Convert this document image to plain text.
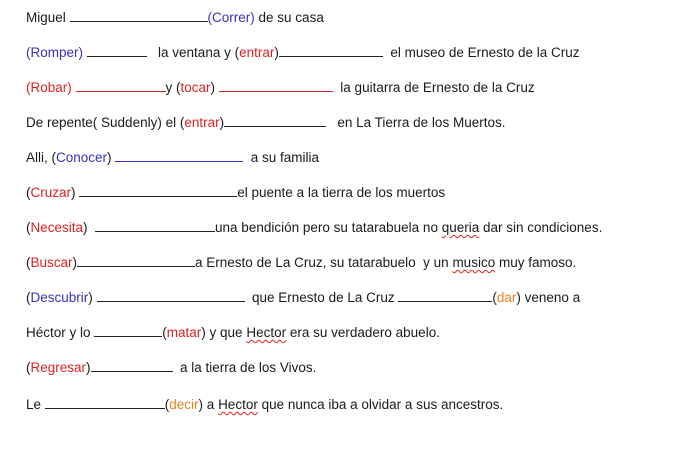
Miguel	(Correr) de su casa
(Romper)	la ventana y (entrar)	el museo de Ernesto de la Cruz
(Robar)	y (tocar)	la guitarra de Ernesto de la Cruz
De repente( Suddenly) el (entrar)	en La Tierra de los Muertos.
Alli, (Conocer)	a su familia
(Cruzar)	el puente a la tierra de los muertos
(Necesita)	una bendición pero su tatarabuela no queria dar sin condiciones.
(Buscar)	a Ernesto de La Cruz, su tatarabuelo  y un musico muy famoso.
(Descubrir)	que Ernesto de La Cruz	(dar) veneno a
Héctor y lo	(matar) y que Hector era su verdadero abuelo.
(Regresar)	a la tierra de los Vivos.
Le	(decir) a Hector que nunca iba a olvidar a sus ancestros.
